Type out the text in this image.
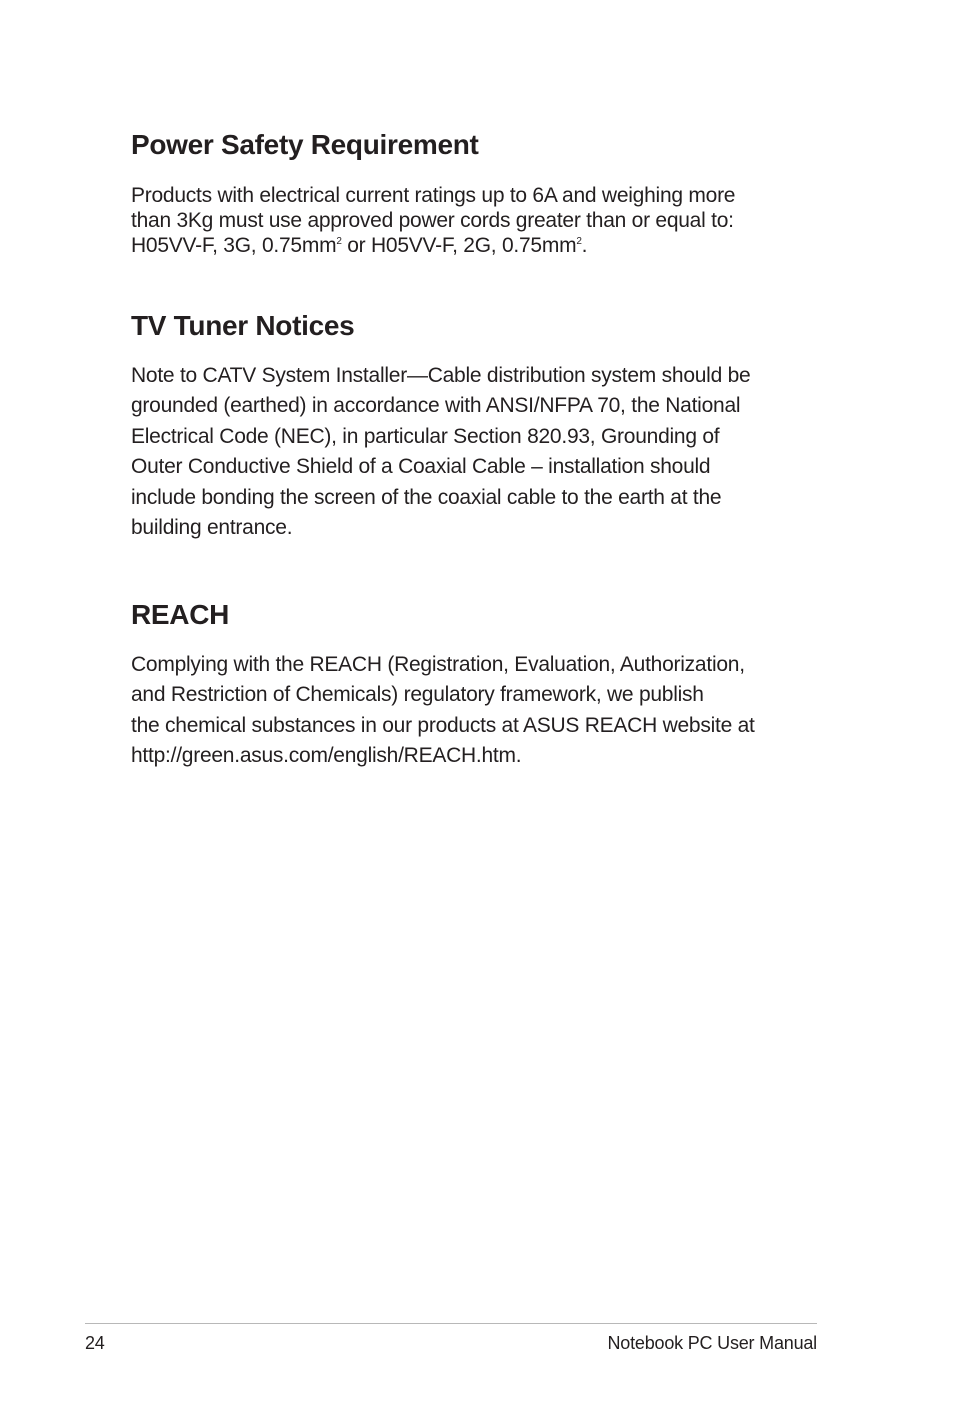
Power Safety Requirement

Products with electrical current ratings up to 6A and weighing more
than 3Kg must use approved power cords greater than or equal to:
H05VV-F, 3G, $0.75mm^2$ or H05VV-F, 2G, $0.75mm^2$.

TV Tuner Notices

Note to CATV System Installer—Cable distribution system should be
grounded (earthed) in accordance with ANSI/NFPA 70, the National
Electrical Code (NEC), in particular Section 820.93, Grounding of
Outer Conductive Shield of a Coaxial Cable – installation should
include bonding the screen of the coaxial cable to the earth at the
building entrance.

REACH

Complying with the REACH (Registration, Evaluation, Authorization,
and Restriction of Chemicals) regulatory framework, we publish
the chemical substances in our products at ASUS REACH website at
http://green.asus.com/english/REACH.htm.

24	Notebook PC User Manual
